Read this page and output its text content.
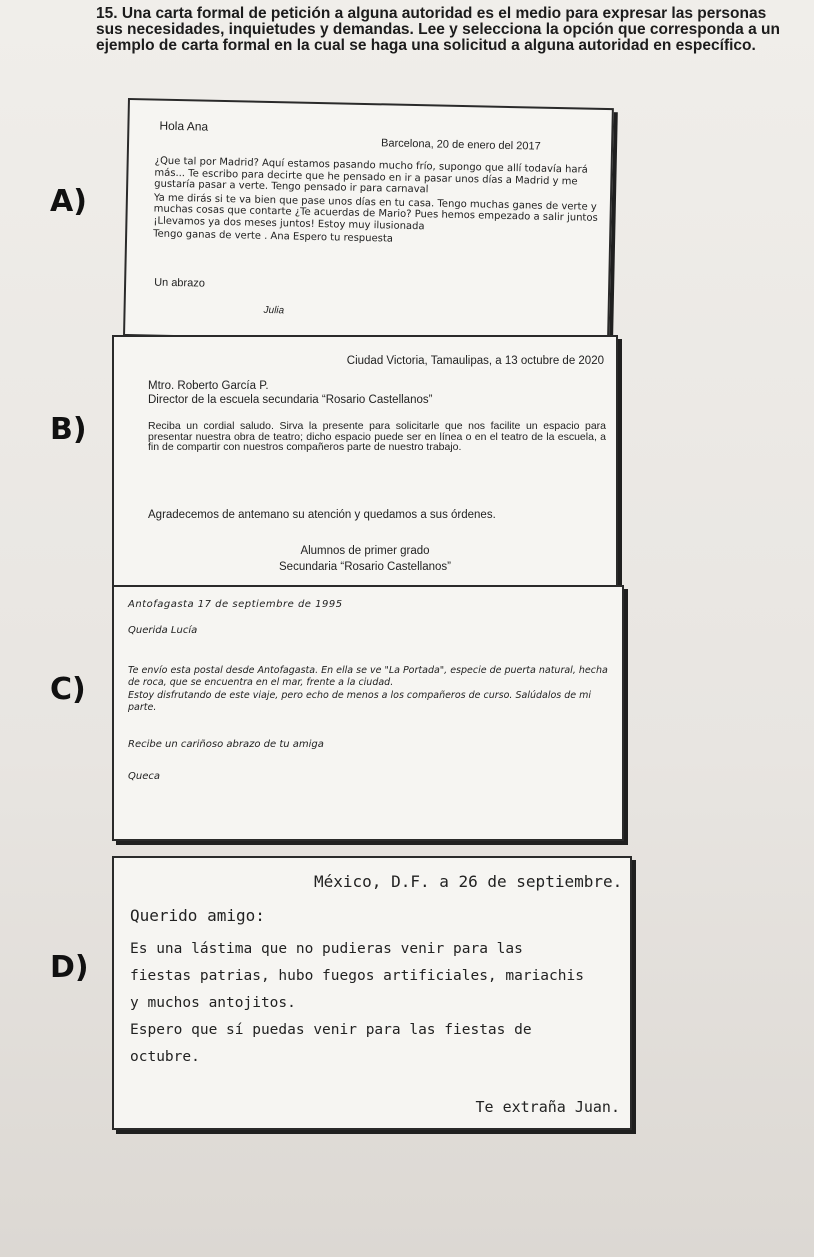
15. Una carta formal de petición a alguna autoridad es el medio para expresar las personas sus necesidades, inquietudes y demandas. Lee y selecciona la opción que corresponda a un ejemplo de carta formal en la cual se haga una solicitud a alguna autoridad en específico.
A)
Hola Ana
Barcelona, 20 de enero del 2017

¿Que tal por Madrid? Aquí estamos pasando mucho frío, supongo que allí todavía hará más... Te escribo para decirte que he pensado en ir a pasar unos días a Madrid y me gustaría pasar a verte. Tengo pensado ir para carnaval

Ya me dirás si te va bien que pase unos días en tu casa. Tengo muchas ganes de verte y muchas cosas que contarte ¿Te acuerdas de Mario? Pues hemos empezado a salir juntos ¡Llevamos ya dos meses juntos! Estoy muy ilusionada

Tengo ganas de verte . Ana Espero tu respuesta

Un abrazo
Julia
B)
Ciudad Victoria, Tamaulipas, a 13 octubre de 2020
Mtro. Roberto García P.
Director de la escuela secundaria “Rosario Castellanos”
Reciba un cordial saludo. Sirva la presente para solicitarle que nos facilite un espacio para presentar nuestra obra de teatro; dicho espacio puede ser en línea o en el teatro de la escuela, a fin de compartir con nuestros compañeros parte de nuestro trabajo.
Agradecemos de antemano su atención y quedamos a sus órdenes.
Alumnos de primer grado
Secundaria “Rosario Castellanos”
C)
Antofagasta 17 de septiembre de 1995
Querida Lucía

Te envío esta postal desde Antofagasta. En ella se ve "La Portada", especie de puerta natural, hecha de roca, que se encuentra en el mar, frente a la ciudad.

Estoy disfrutando de este viaje, pero echo de menos a los compañeros de curso. Salúdalos de mi parte.

Recibe un cariñoso abrazo de tu amiga
Queca
D)
México, D.F. a 26 de septiembre.
Querido amigo:
Es una lástima que no pudieras venir para las
fiestas patrias, hubo fuegos artificiales, mariachis
y muchos antojitos.
Espero que sí puedas venir para las fiestas de
octubre.
Te extraña Juan.
